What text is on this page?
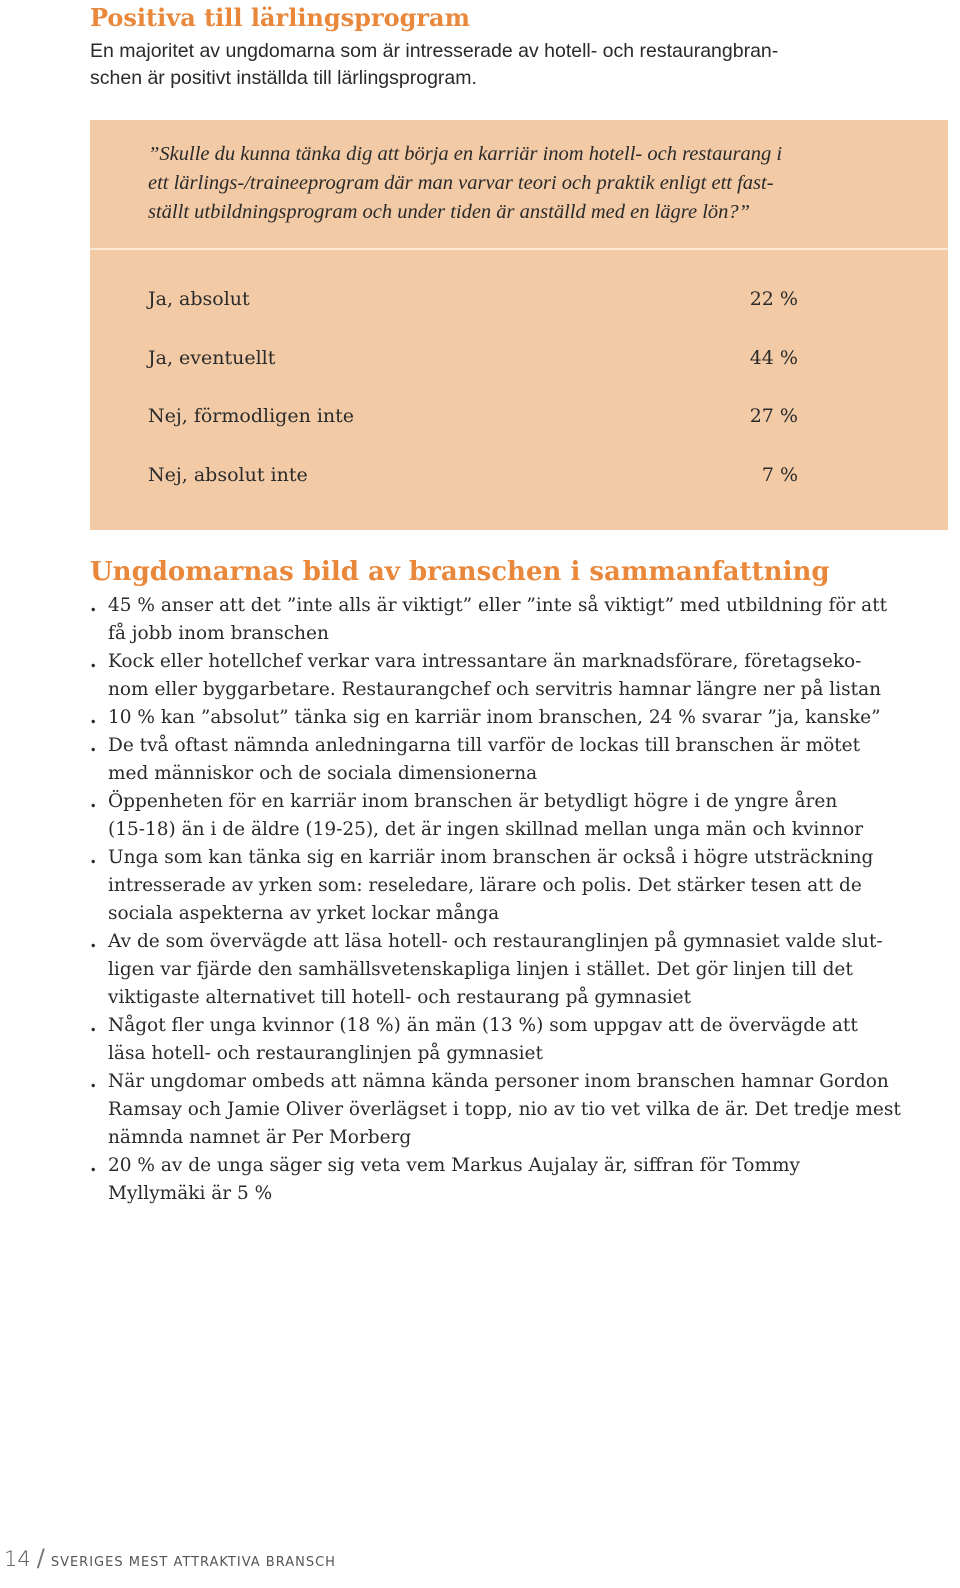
Positiva till lärlingsprogram
En majoritet av ungdomarna som är intresserade av hotell- och restaurangbran-
schen är positivt inställda till lärlingsprogram.
”Skulle du kunna tänka dig att börja en karriär inom hotell- och restaurang i
ett lärlings-/traineeprogram där man varvar teori och praktik enligt ett fast-
ställt utbildningsprogram och under tiden är anställd med en lägre lön?”
Ja, absolut	22 %
Ja, eventuellt	44 %
Nej, förmodligen inte	27 %
Nej, absolut inte	7 %
Ungdomarnas bild av branschen i sammanfattning
. 45 % anser att det ”inte alls är viktigt” eller ”inte så viktigt” med utbildning för att
få jobb inom branschen
. Kock eller hotellchef verkar vara intressantare än marknadsförare, företagseko-
nom eller byggarbetare. Restaurangchef och servitris hamnar längre ner på listan
. 10 % kan ”absolut” tänka sig en karriär inom branschen, 24 % svarar ”ja, kanske”
. De två oftast nämnda anledningarna till varför de lockas till branschen är mötet
med människor och de sociala dimensionerna
. Öppenheten för en karriär inom branschen är betydligt högre i de yngre åren
(15-18) än i de äldre (19-25), det är ingen skillnad mellan unga män och kvinnor
. Unga som kan tänka sig en karriär inom branschen är också i högre utsträckning
intresserade av yrken som: reseledare, lärare och polis. Det stärker tesen att de
sociala aspekterna av yrket lockar många
. Av de som övervägde att läsa hotell- och restauranglinjen på gymnasiet valde slut-
ligen var fjärde den samhällsvetenskapliga linjen i stället. Det gör linjen till det
viktigaste alternativet till hotell- och restaurang på gymnasiet
. Något fler unga kvinnor (18 %) än män (13 %) som uppgav att de övervägde att
läsa hotell- och restauranglinjen på gymnasiet
. När ungdomar ombeds att nämna kända personer inom branschen hamnar Gordon
Ramsay och Jamie Oliver överlägset i topp, nio av tio vet vilka de är. Det tredje mest
nämnda namnet är Per Morberg
. 20 % av de unga säger sig veta vem Markus Aujalay är, siffran för Tommy
Myllymäki är 5 %
14 / SVERIGES MEST ATTRAKTIVA BRANSCH
